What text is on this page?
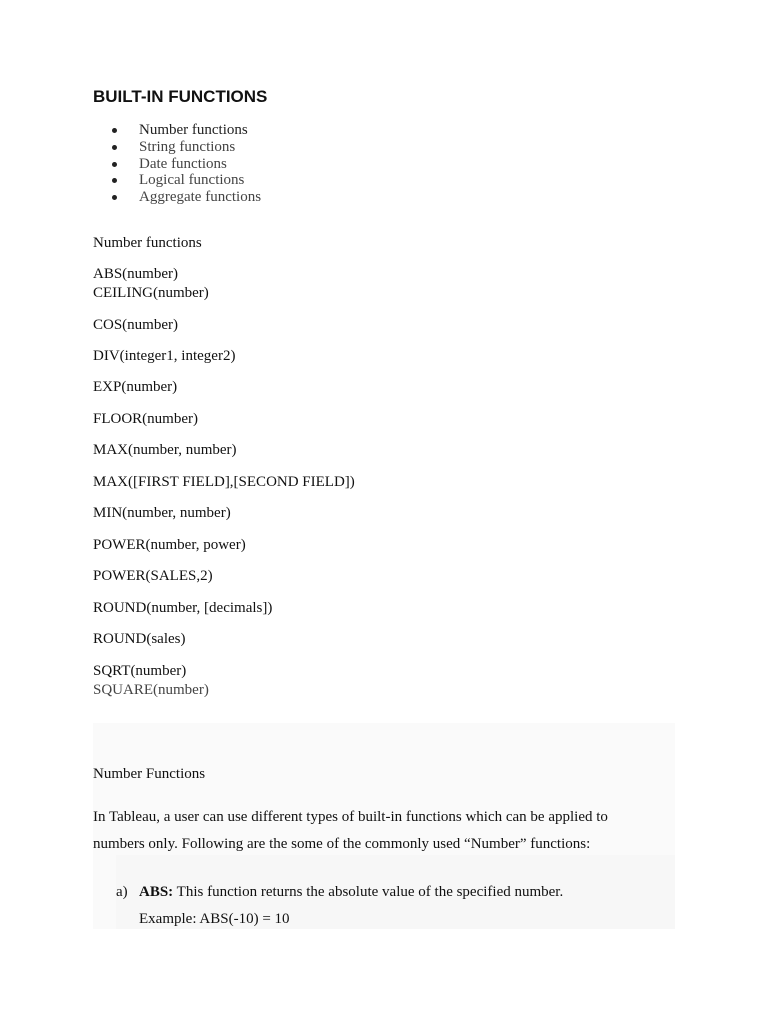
BUILT-IN FUNCTIONS
Number functions
String functions
Date functions
Logical functions
Aggregate functions
Number functions
ABS(number)
CEILING(number)
COS(number)
DIV(integer1, integer2)
EXP(number)
FLOOR(number)
MAX(number, number)
MAX([FIRST FIELD],[SECOND FIELD])
MIN(number, number)
POWER(number, power)
POWER(SALES,2)
ROUND(number, [decimals])
ROUND(sales)
SQRT(number)
SQUARE(number)
Number Functions
In Tableau, a user can use different types of built-in functions which can be applied to numbers only. Following are the some of the commonly used “Number” functions:
a) ABS: This function returns the absolute value of the specified number.
Example: ABS(-10) = 10
